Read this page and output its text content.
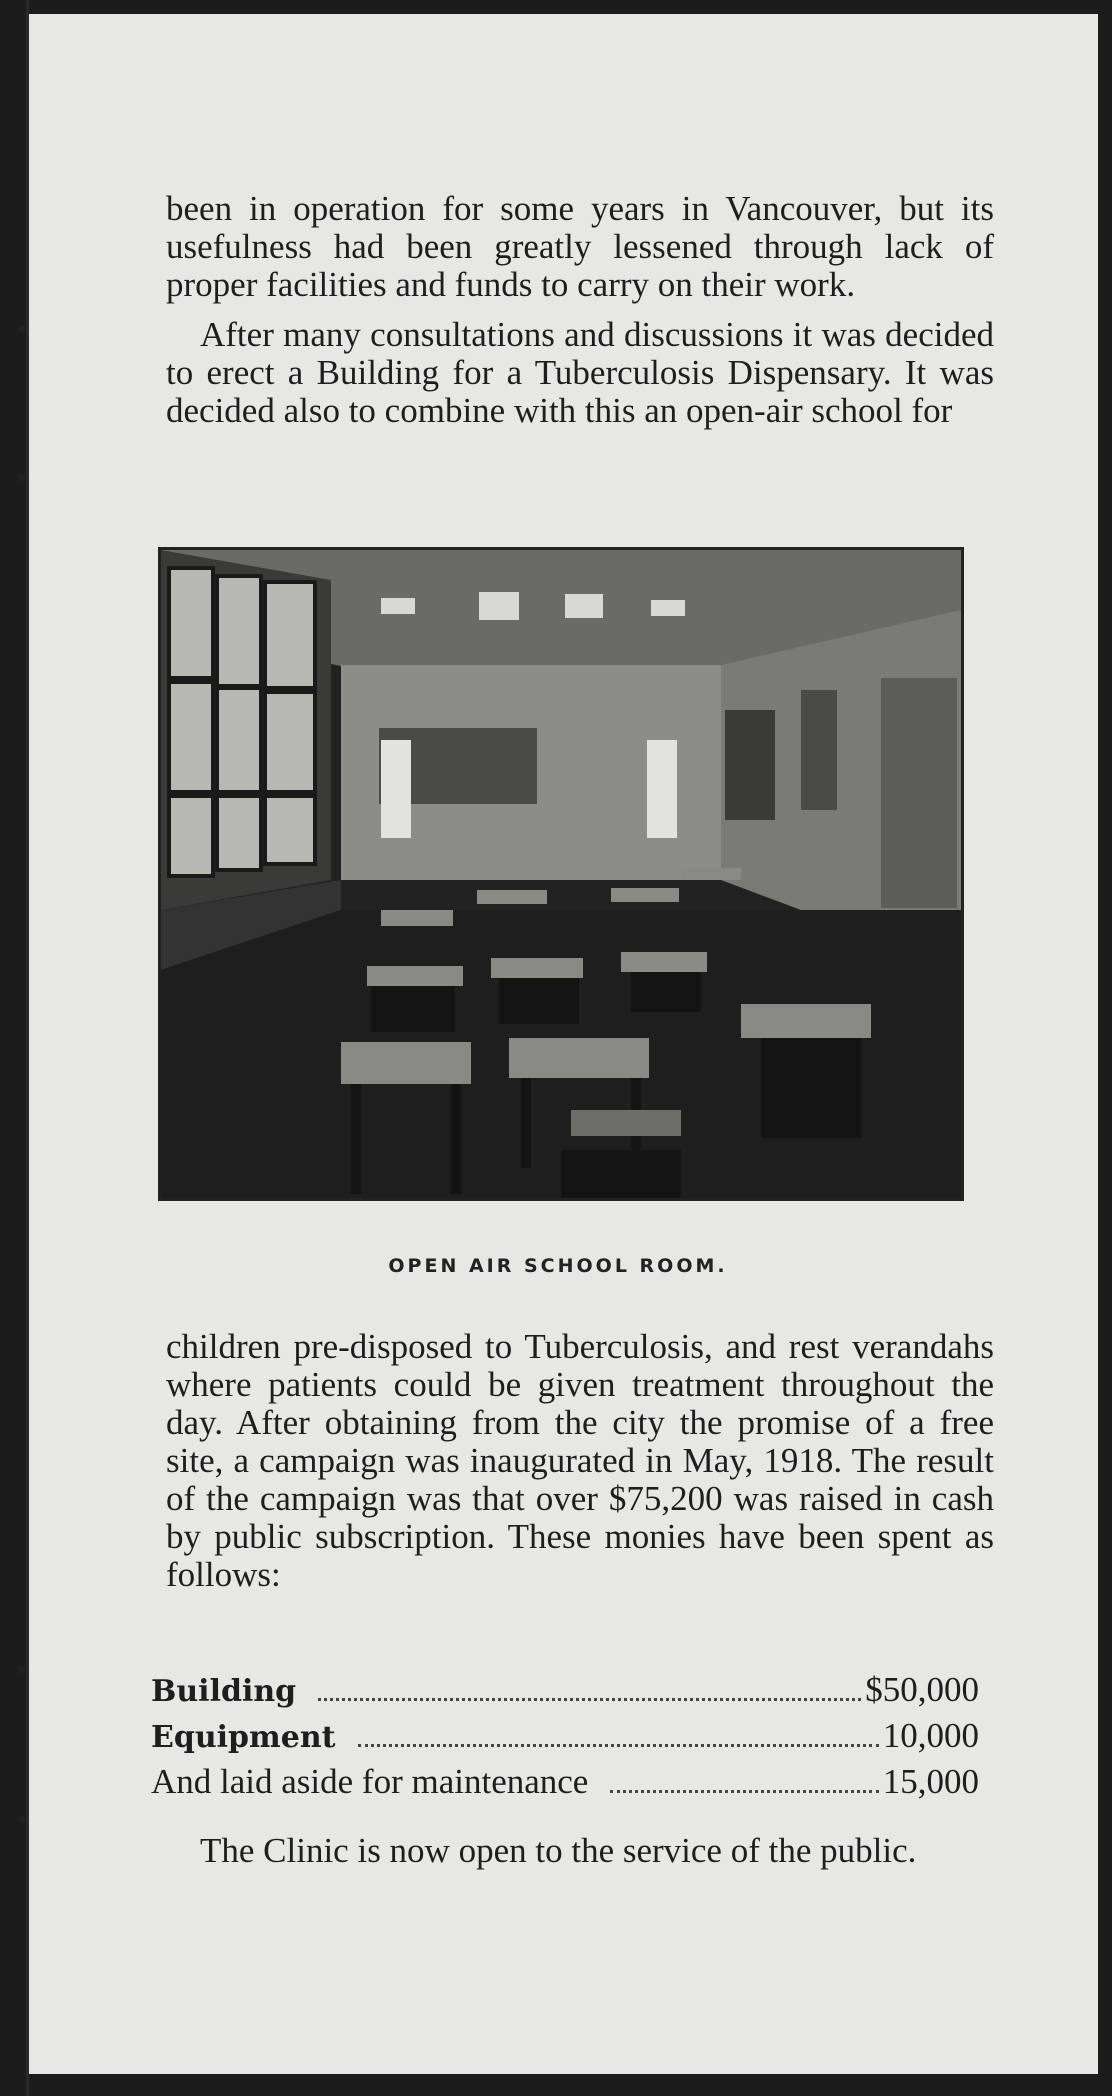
•
•
•
•

been in operation for some years in Vancouver, but its usefulness had been greatly lessened through lack of proper facilities and funds to carry on their work.

After many consultations and discussions it was decided to erect a Building for a Tuberculosis Dispensary. It was decided also to combine with this an open-air school for

OPEN AIR SCHOOL ROOM.

children pre-disposed to Tuberculosis, and rest verandahs where patients could be given treatment throughout the day. After obtaining from the city the promise of a free site, a campaign was inaugurated in May, 1918. The result of the campaign was that over $75,200 was raised in cash by public subscription. These monies have been spent as follows:

Building	$50,000
Equipment	10,000
And laid aside for maintenance	15,000

The Clinic is now open to the service of the public.
